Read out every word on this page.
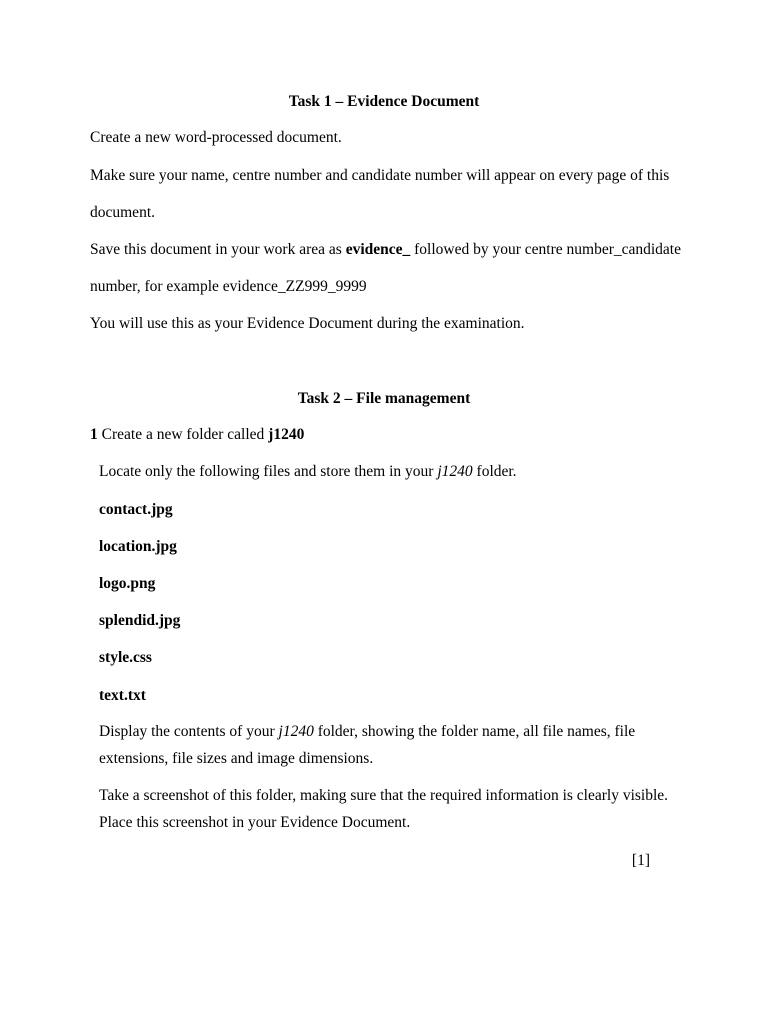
Task 1 – Evidence Document
Create a new word-processed document.
Make sure your name, centre number and candidate number will appear on every page of this
document.
Save this document in your work area as evidence_ followed by your centre number_candidate
number, for example evidence_ZZ999_9999
You will use this as your Evidence Document during the examination.
Task 2 – File management
1 Create a new folder called j1240
Locate only the following files and store them in your j1240 folder.
contact.jpg
location.jpg
logo.png
splendid.jpg
style.css
text.txt
Display the contents of your j1240 folder, showing the folder name, all file names, file
extensions, file sizes and image dimensions.
Take a screenshot of this folder, making sure that the required information is clearly visible.
Place this screenshot in your Evidence Document.
[1]
